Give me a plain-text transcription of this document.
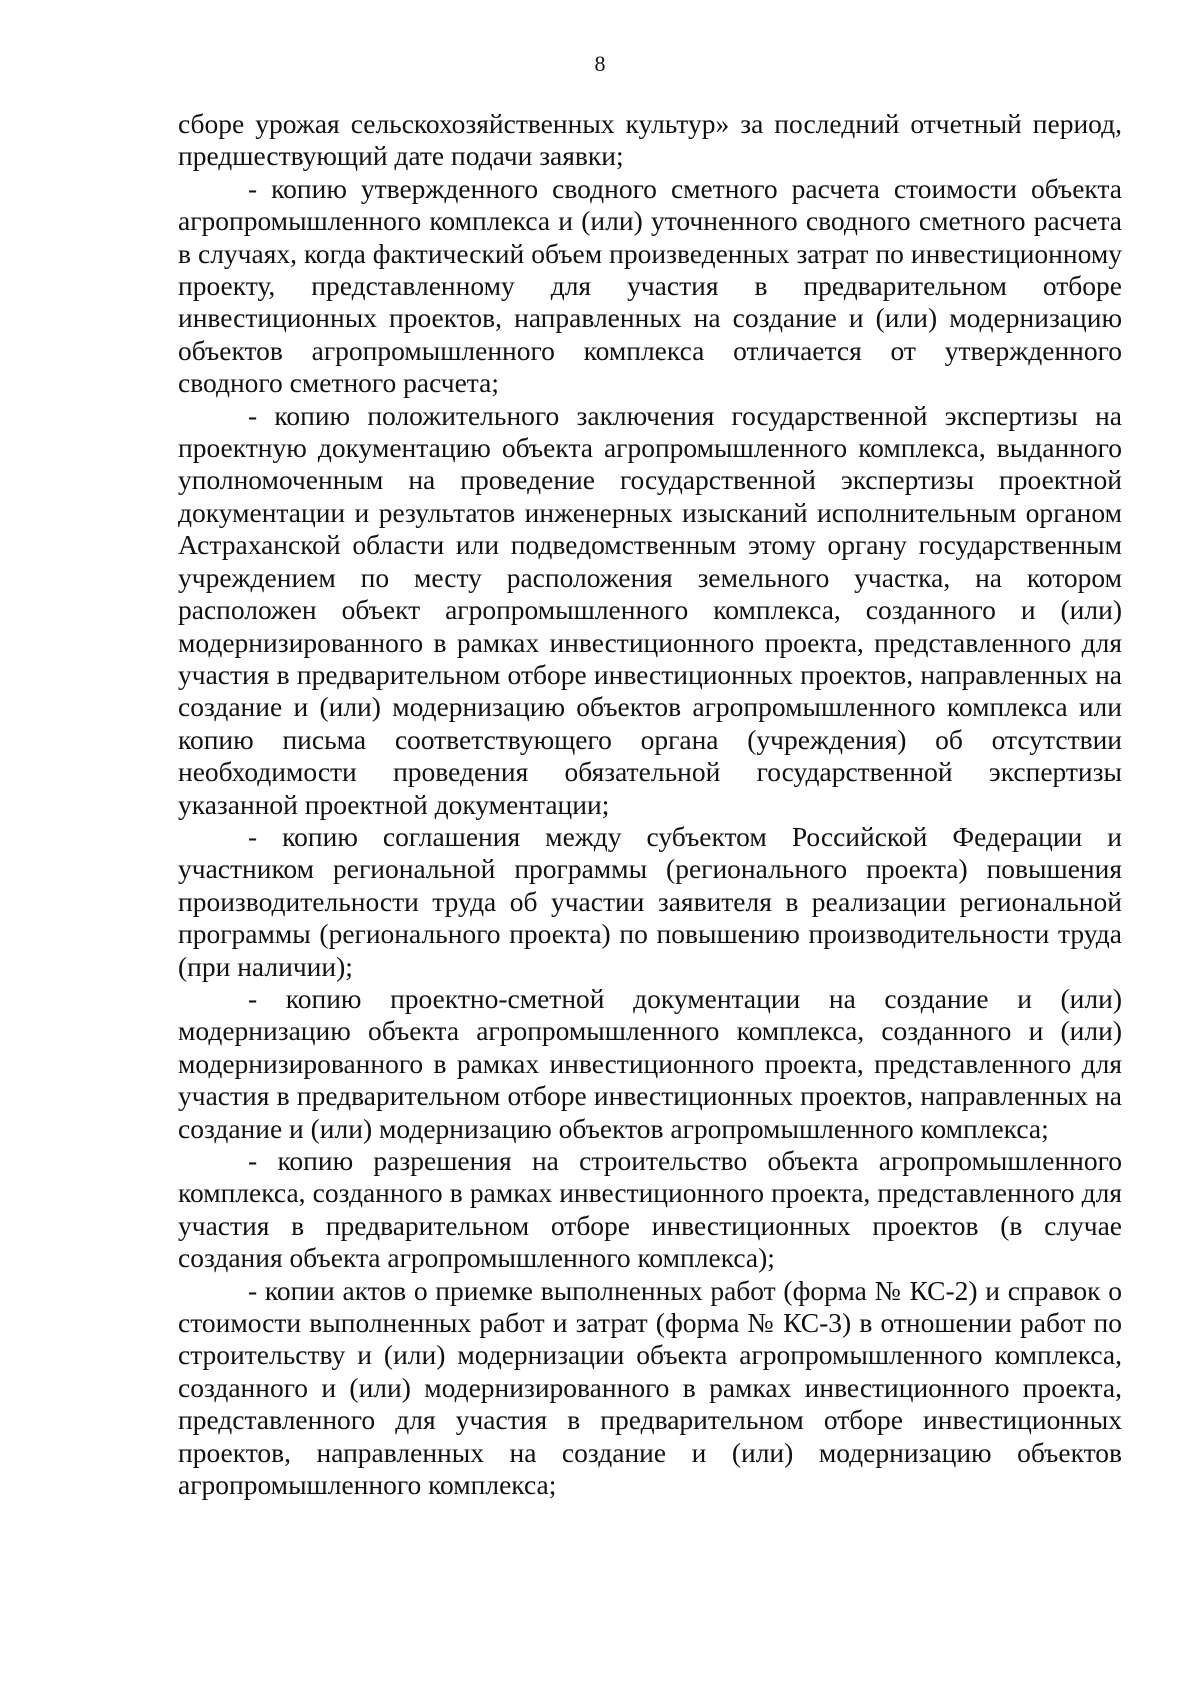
8

сборе урожая сельскохозяйственных культур» за последний отчетный период, предшествующий дате подачи заявки;

- копию утвержденного сводного сметного расчета стоимости объекта агропромышленного комплекса и (или) уточненного сводного сметного расчета в случаях, когда фактический объем произведенных затрат по инвестиционному проекту, представленному для участия в предварительном отборе инвестиционных проектов, направленных на создание и (или) модернизацию объектов агропромышленного комплекса отличается от утвержденного сводного сметного расчета;

- копию положительного заключения государственной экспертизы на проектную документацию объекта агропромышленного комплекса, выданного уполномоченным на проведение государственной экспертизы проектной документации и результатов инженерных изысканий исполнительным органом Астраханской области или подведомственным этому органу государственным учреждением по месту расположения земельного участка, на котором расположен объект агропромышленного комплекса, созданного и (или) модернизированного в рамках инвестиционного проекта, представленного для участия в предварительном отборе инвестиционных проектов, направленных на создание и (или) модернизацию объектов агропромышленного комплекса или копию письма соответствующего органа (учреждения) об отсутствии необходимости проведения обязательной государственной экспертизы указанной проектной документации;

- копию соглашения между субъектом Российской Федерации и участником региональной программы (регионального проекта) повышения производительности труда об участии заявителя в реализации региональной программы (регионального проекта) по повышению производительности труда (при наличии);

- копию проектно-сметной документации на создание и (или) модернизацию объекта агропромышленного комплекса, созданного и (или) модернизированного в рамках инвестиционного проекта, представленного для участия в предварительном отборе инвестиционных проектов, направленных на создание и (или) модернизацию объектов агропромышленного комплекса;

- копию разрешения на строительство объекта агропромышленного комплекса, созданного в рамках инвестиционного проекта, представленного для участия в предварительном отборе инвестиционных проектов (в случае создания объекта агропромышленного комплекса);

- копии актов о приемке выполненных работ (форма № КС-2) и справок о стоимости выполненных работ и затрат (форма № КС-3) в отношении работ по строительству и (или) модернизации объекта агропромышленного комплекса, созданного и (или) модернизированного в рамках инвестиционного проекта, представленного для участия в предварительном отборе инвестиционных проектов, направленных на создание и (или) модернизацию объектов агропромышленного комплекса;
